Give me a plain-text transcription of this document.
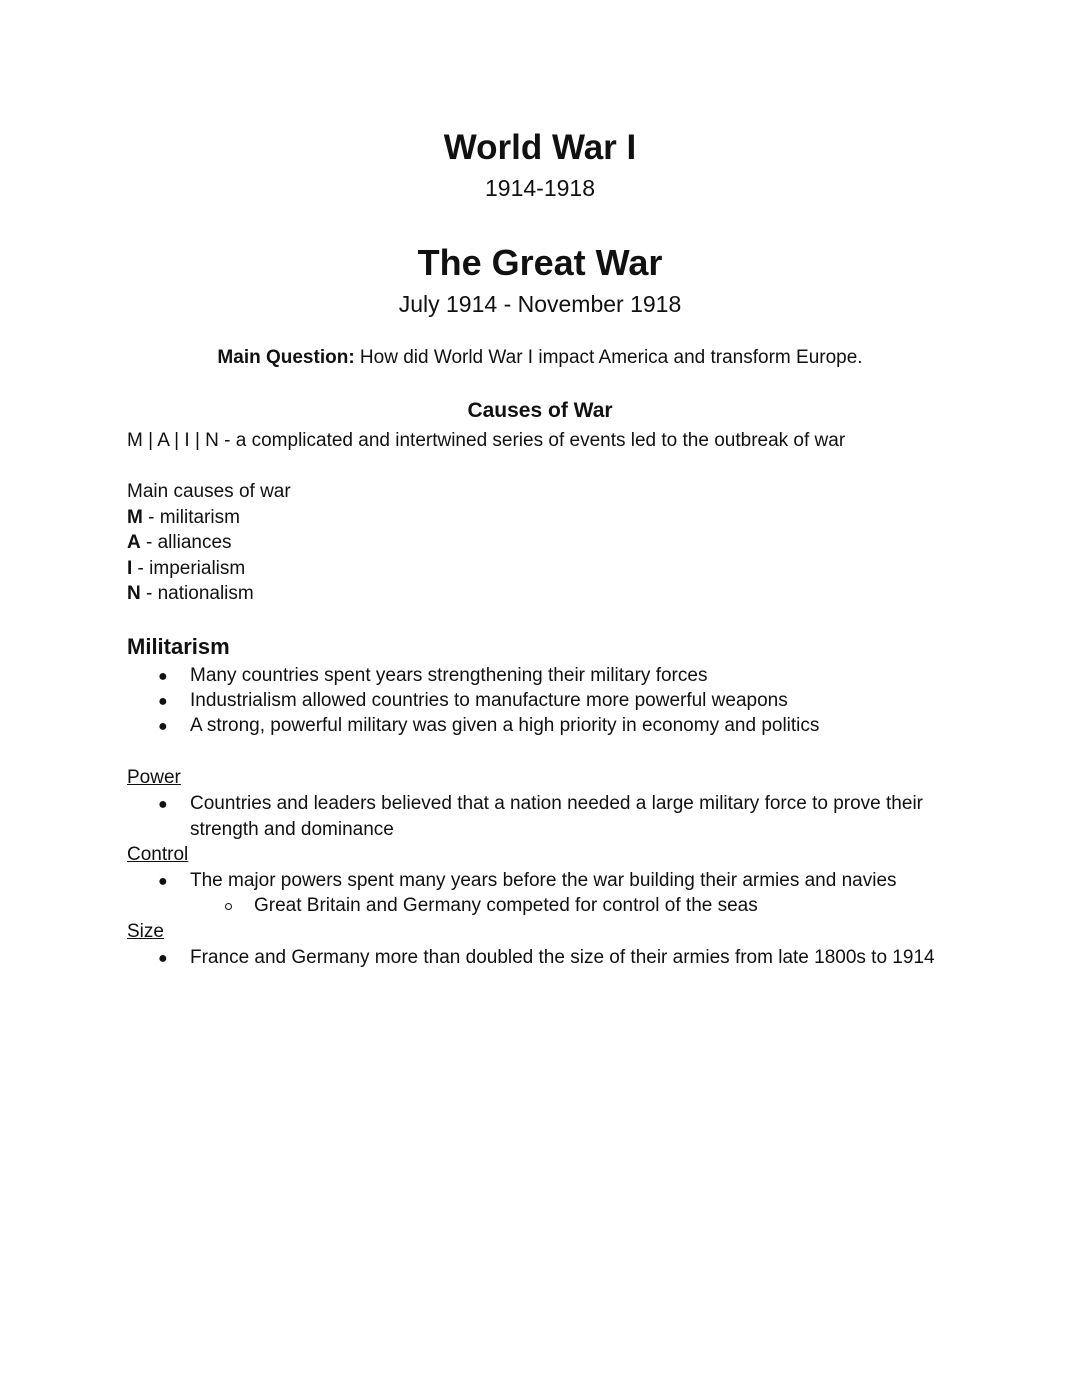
World War I
1914-1918
The Great War
July 1914 - November 1918
Main Question: How did World War I impact America and transform Europe.
Causes of War
M | A | I | N - a complicated and intertwined series of events led to the outbreak of war
Main causes of war
M - militarism
A - alliances
I - imperialism
N - nationalism
Militarism
● Many countries spent years strengthening their military forces
● Industrialism allowed countries to manufacture more powerful weapons
● A strong, powerful military was given a high priority in economy and politics
Power
● Countries and leaders believed that a nation needed a large military force to prove their
strength and dominance
Control
● The major powers spent many years before the war building their armies and navies
Great Britain and Germany competed for control of the seas
Size
● France and Germany more than doubled the size of their armies from late 1800s to 1914
